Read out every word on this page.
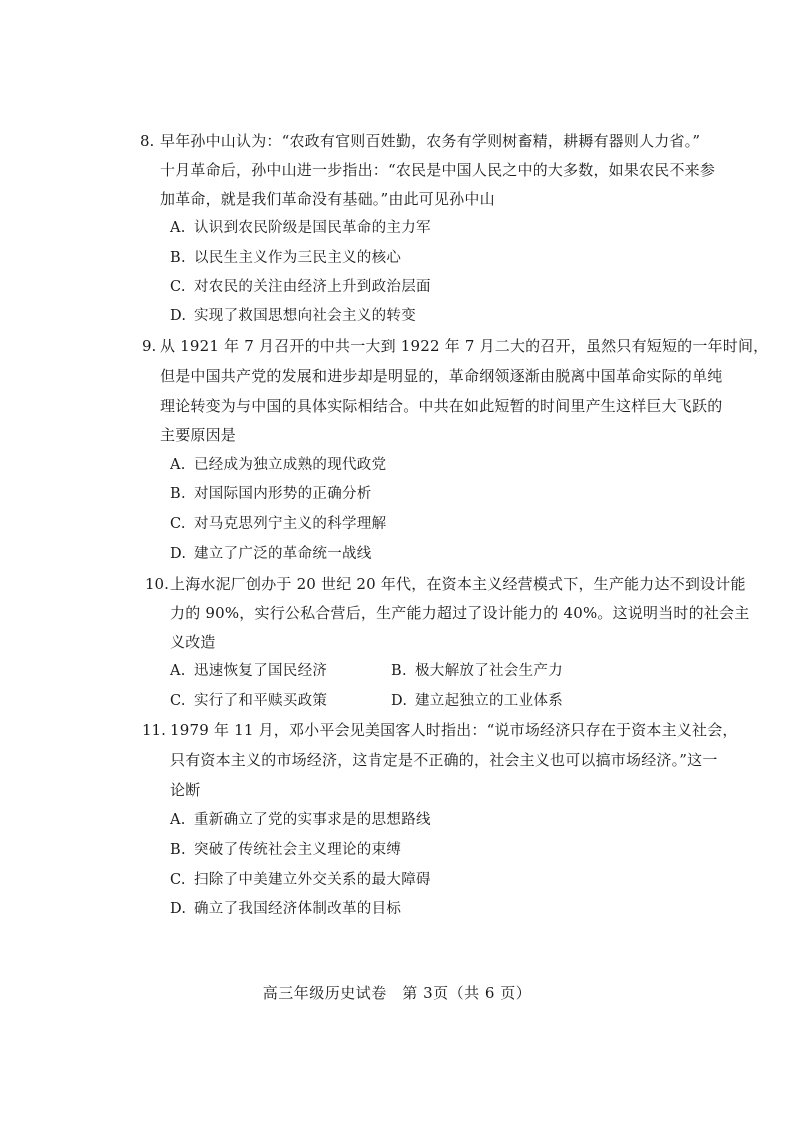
8. 早年孙中山认为：“农政有官则百姓勤，农务有学则树畜精，耕耨有器则人力省。”
十月革命后，孙中山进一步指出：“农民是中国人民之中的大多数，如果农民不来参
加革命，就是我们革命没有基础。”由此可见孙中山
A. 认识到农民阶级是国民革命的主力军
B. 以民生主义作为三民主义的核心
C. 对农民的关注由经济上升到政治层面
D. 实现了救国思想向社会主义的转变
9. 从 1921 年 7 月召开的中共一大到 1922 年 7 月二大的召开，虽然只有短短的一年时间，
但是中国共产党的发展和进步却是明显的，革命纲领逐渐由脱离中国革命实际的单纯
理论转变为与中国的具体实际相结合。中共在如此短暂的时间里产生这样巨大飞跃的
主要原因是
A. 已经成为独立成熟的现代政党
B. 对国际国内形势的正确分析
C. 对马克思列宁主义的科学理解
D. 建立了广泛的革命统一战线
10. 上海水泥厂创办于 20 世纪 20 年代，在资本主义经营模式下，生产能力达不到设计能
力的 90%，实行公私合营后，生产能力超过了设计能力的 40%。这说明当时的社会主
义改造
A. 迅速恢复了国民经济	B. 极大解放了社会生产力
C. 实行了和平赎买政策	D. 建立起独立的工业体系
11. 1979 年 11 月，邓小平会见美国客人时指出：“说市场经济只存在于资本主义社会，
只有资本主义的市场经济，这肯定是不正确的，社会主义也可以搞市场经济。”这一
论断
A. 重新确立了党的实事求是的思想路线
B. 突破了传统社会主义理论的束缚
C. 扫除了中美建立外交关系的最大障碍
D. 确立了我国经济体制改革的目标
高三年级历史试卷　第 3页（共 6 页）
